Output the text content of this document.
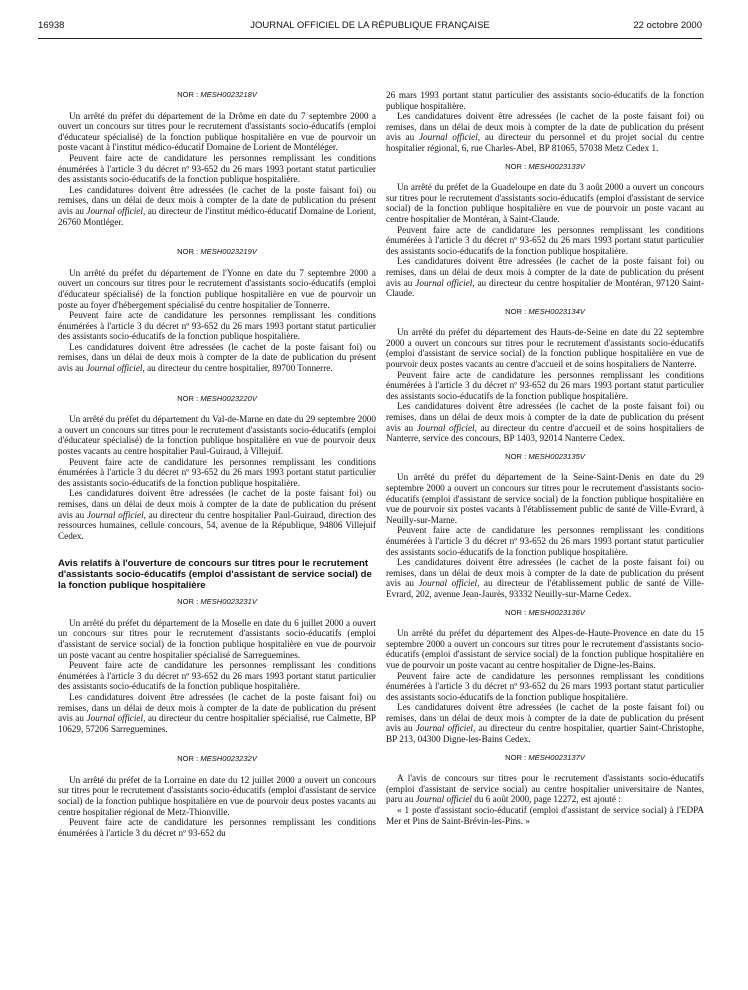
16938	JOURNAL OFFICIEL DE LA RÉPUBLIQUE FRANÇAISE	22 octobre 2000
NOR : MESH0023218V

Un arrêté du préfet du département de la Drôme en date du 7 septembre 2000 a ouvert un concours sur titres pour le recrutement d'assistants socio-éducatifs (emploi d'éducateur spécialisé) de la fonction publique hospitalière en vue de pourvoir un poste vacant à l'institut médico-éducatif Domaine de Lorient de Montéléger.

Peuvent faire acte de candidature les personnes remplissant les conditions énumérées à l'article 3 du décret nº 93-652 du 26 mars 1993 portant statut particulier des assistants socio-éducatifs de la fonction publique hospitalière.

Les candidatures doivent être adressées (le cachet de la poste faisant foi) ou remises, dans un délai de deux mois à compter de la date de publication du présent avis au Journal officiel, au directeur de l'institut médico-éducatif Domaine de Lorient, 26760 Montléger.

NOR : MESH0023219V

Un arrêté du préfet du département de l'Yonne en date du 7 septembre 2000 a ouvert un concours sur titres pour le recrutement d'assistants socio-éducatifs (emploi d'éducateur spécialisé) de la fonction publique hospitalière en vue de pourvoir un poste au foyer d'hébergement spécialisé du centre hospitalier de Tonnerre.

Peuvent faire acte de candidature les personnes remplissant les conditions énumérées à l'article 3 du décret nº 93-652 du 26 mars 1993 portant statut particulier des assistants socio-éducatifs de la fonction publique hospitalière.

Les candidatures doivent être adressées (le cachet de la poste faisant foi) ou remises, dans un délai de deux mois à compter de la date de publication du présent avis au Journal officiel, au directeur du centre hospitalier, 89700 Tonnerre.

NOR : MESH0023220V

Un arrêté du préfet du département du Val-de-Marne en date du 29 septembre 2000 a ouvert un concours sur titres pour le recrutement d'assistants socio-éducatifs (emploi d'éducateur spécialisé) de la fonction publique hospitalière en vue de pourvoir deux postes vacants au centre hospitalier Paul-Guiraud, à Villejuif.

Peuvent faire acte de candidature les personnes remplissant les conditions énumérées à l'article 3 du décret nº 93-652 du 26 mars 1993 portant statut particulier des assistants socio-éducatifs de la fonction publique hospitalière.

Les candidatures doivent être adressées (le cachet de la poste faisant foi) ou remises, dans un délai de deux mois à compter de la date de publication du présent avis au Journal officiel, au directeur du centre hospitalier Paul-Guiraud, direction des ressources humaines, cellule concours, 54, avenue de la République, 94806 Villejuif Cedex.

Avis relatifs à l'ouverture de concours sur titres pour le recrutement d'assistants socio-éducatifs (emploi d'assistant de service social) de la fonction publique hospitalière
NOR : MESH0023231V

Un arrêté du préfet du département de la Moselle en date du 6 juillet 2000 a ouvert un concours sur titres pour le recrutement d'assistants socio-éducatifs (emploi d'assistant de service social) de la fonction publique hospitalière en vue de pourvoir un poste vacant au centre hospitalier spécialisé de Sarreguemines.

Peuvent faire acte de candidature les personnes remplissant les conditions énumérées à l'article 3 du décret nº 93-652 du 26 mars 1993 portant statut particulier des assistants socio-éducatifs de la fonction publique hospitalière.

Les candidatures doivent être adressées (le cachet de la poste faisant foi) ou remises, dans un délai de deux mois à compter de la date de publication du présent avis au Journal officiel, au directeur du centre hospitalier spécialisé, rue Calmette, BP 10629, 57206 Sarreguemines.

NOR : MESH0023232V

Un arrêté du préfet de la Lorraine en date du 12 juillet 2000 a ouvert un concours sur titres pour le recrutement d'assistants socio-éducatifs (emploi d'assistant de service social) de la fonction publique hospitalière en vue de pourvoir deux postes vacants au centre hospitalier régional de Metz-Thionville.

Peuvent faire acte de candidature les personnes remplissant les conditions énumérées à l'article 3 du décret nº 93-652 du

26 mars 1993 portant statut particulier des assistants socio-éducatifs de la fonction publique hospitalière.

Les candidatures doivent être adressées (le cachet de la poste faisant foi) ou remises, dans un délai de deux mois à compter de la date de publication du présent avis au Journal officiel, au directeur du personnel et du projet social du centre hospitalier régional, 6, rue Charles-Abel, BP 81065, 57038 Metz Cedex 1.

NOR : MESH0023133V

Un arrêté du préfet de la Guadeloupe en date du 3 août 2000 a ouvert un concours sur titres pour le recrutement d'assistants socio-éducatifs (emploi d'assistant de service social) de la fonction publique hospitalière en vue de pourvoir un poste vacant au centre hospitalier de Montéran, à Saint-Claude.

Peuvent faire acte de candidature les personnes remplissant les conditions énumérées à l'article 3 du décret nº 93-652 du 26 mars 1993 portant statut particulier des assistants socio-éducatifs de la fonction publique hospitalière.

Les candidatures doivent être adressées (le cachet de la poste faisant foi) ou remises, dans un délai de deux mois à compter de la date de publication du présent avis au Journal officiel, au directeur du centre hospitalier de Montéran, 97120 Saint-Claude.

NOR : MESH0023134V

Un arrêté du préfet du département des Hauts-de-Seine en date du 22 septembre 2000 a ouvert un concours sur titres pour le recrutement d'assistants socio-éducatifs (emploi d'assistant de service social) de la fonction publique hospitalière en vue de pourvoir deux postes vacants au centre d'accueil et de soins hospitaliers de Nanterre.

Peuvent faire acte de candidature les personnes remplissant les conditions énumérées à l'article 3 du décret nº 93-652 du 26 mars 1993 portant statut particulier des assistants socio-éducatifs de la fonction publique hospitalière.

Les candidatures doivent être adressées (le cachet de la poste faisant foi) ou remises, dans un délai de deux mois à compter de la date de publication du présent avis au Journal officiel, au directeur du centre d'accueil et de soins hospitaliers de Nanterre, service des concours, BP 1403, 92014 Nanterre Cedex.

NOR : MESH0023135V

Un arrêté du préfet du département de la Seine-Saint-Denis en date du 29 septembre 2000 a ouvert un concours sur titres pour le recrutement d'assistants socio-éducatifs (emploi d'assistant de service social) de la fonction publique hospitalière en vue de pourvoir six postes vacants à l'établissement public de santé de Ville-Evrard, à Neuilly-sur-Marne.

Peuvent faire acte de candidature les personnes remplissant les conditions énumérées à l'article 3 du décret nº 93-652 du 26 mars 1993 portant statut particulier des assistants socio-éducatifs de la fonction publique hospitalière.

Les candidatures doivent être adressées (le cachet de la poste faisant foi) ou remises, dans un délai de deux mois à compter de la date de publication du présent avis au Journal officiel, au directeur de l'établissement public de santé de Ville-Evrard, 202, avenue Jean-Jaurès, 93332 Neuilly-sur-Marne Cedex.

NOR : MESH0023136V

Un arrêté du préfet du département des Alpes-de-Haute-Provence en date du 15 septembre 2000 a ouvert un concours sur titres pour le recrutement d'assistants socio-éducatifs (emploi d'assistant de service social) de la fonction publique hospitalière en vue de pourvoir un poste vacant au centre hospitalier de Digne-les-Bains.

Peuvent faire acte de candidature les personnes remplissant les conditions énumérées à l'article 3 du décret nº 93-652 du 26 mars 1993 portant statut particulier des assistants socio-éducatifs de la fonction publique hospitalière.

Les candidatures doivent être adressées (le cachet de la poste faisant foi) ou remises, dans un délai de deux mois à compter de la date de publication du présent avis au Journal officiel, au directeur du centre hospitalier, quartier Saint-Christophe, BP 213, 04300 Digne-les-Bains Cedex.

NOR : MESH0023137V

A l'avis de concours sur titres pour le recrutement d'assistants socio-éducatifs (emploi d'assistant de service social) au centre hospitalier universitaire de Nantes, paru au Journal officiel du 6 août 2000, page 12272, est ajouté :

« 1 poste d'assistant socio-éducatif (emploi d'assistant de service social) à l'EDPA Mer et Pins de Saint-Brévin-les-Pins. »
